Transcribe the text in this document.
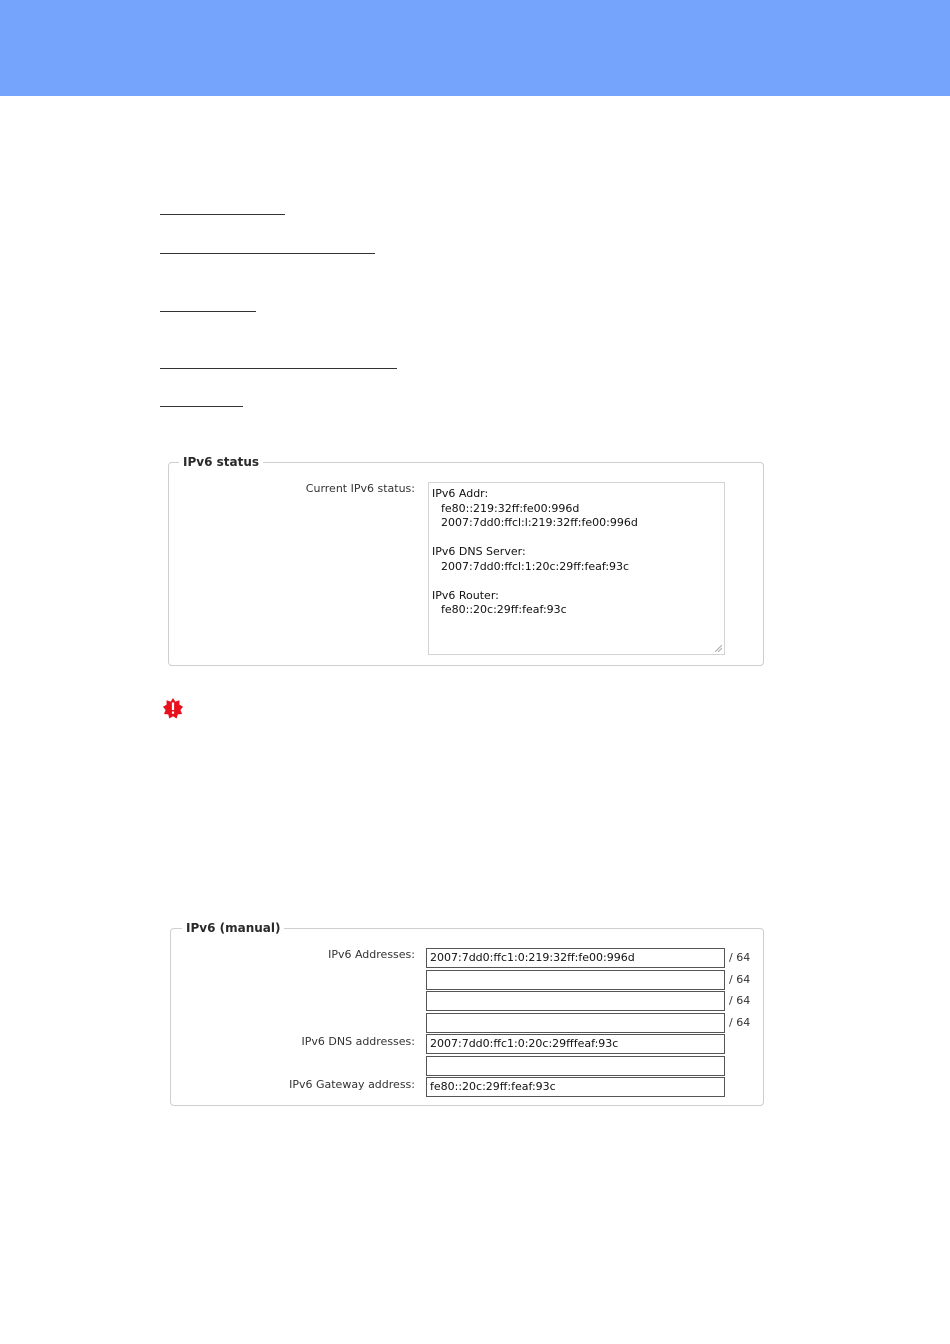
IPv6 status
Current IPv6 status: IPv6 Addr:
fe80::219:32ff:fe00:996d
2007:7dd0:ffcl:l:219:32ff:fe00:996d
IPv6 DNS Server:
2007:7dd0:ffcl:1:20c:29ff:feaf:93c
IPv6 Router:
fe80::20c:29ff:feaf:93c
IPv6 (manual)
IPv6 Addresses:	2007:7dd0:ffc1:0:219:32ff:fe00:996d	/ 64
/ 64
/ 64
/ 64
IPv6 DNS addresses:	2007:7dd0:ffc1:0:20c:29fffeaf:93c
IPv6 Gateway address:	fe80::20c:29ff:feaf:93c
